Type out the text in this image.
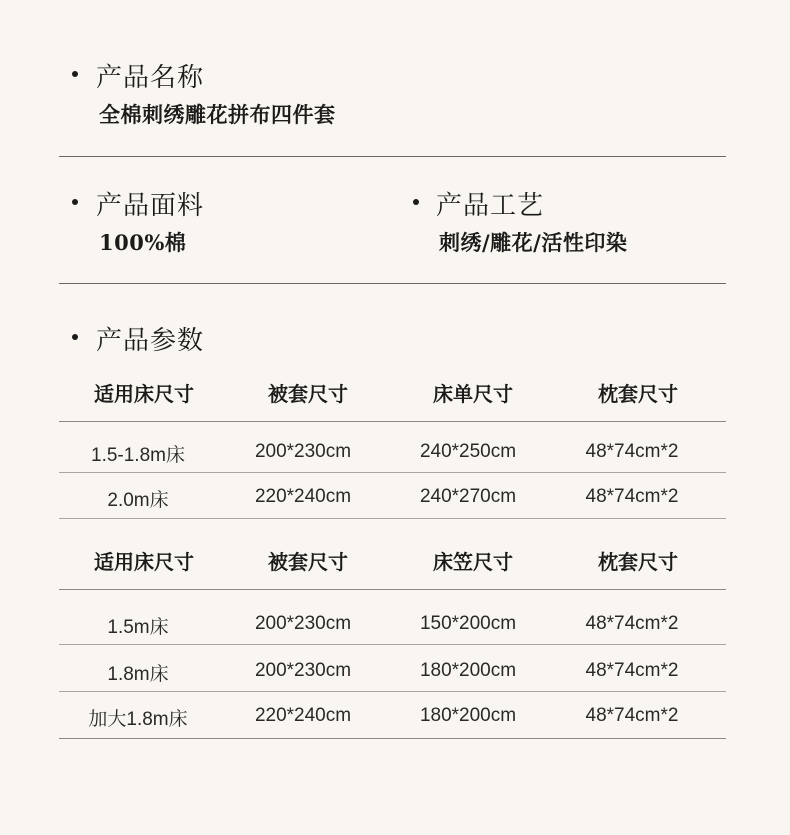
产品名称
全棉刺绣雕花拼布四件套
产品面料
100%棉
产品工艺
刺绣/雕花/活性印染
产品参数
适用床尺寸	被套尺寸	床单尺寸	枕套尺寸
1.5-1.8m床	200*230cm	240*250cm	48*74cm*2
2.0m床	220*240cm	240*270cm	48*74cm*2
适用床尺寸	被套尺寸	床笠尺寸	枕套尺寸
1.5m床	200*230cm	150*200cm	48*74cm*2
1.8m床	200*230cm	180*200cm	48*74cm*2
加大1.8m床	220*240cm	180*200cm	48*74cm*2
